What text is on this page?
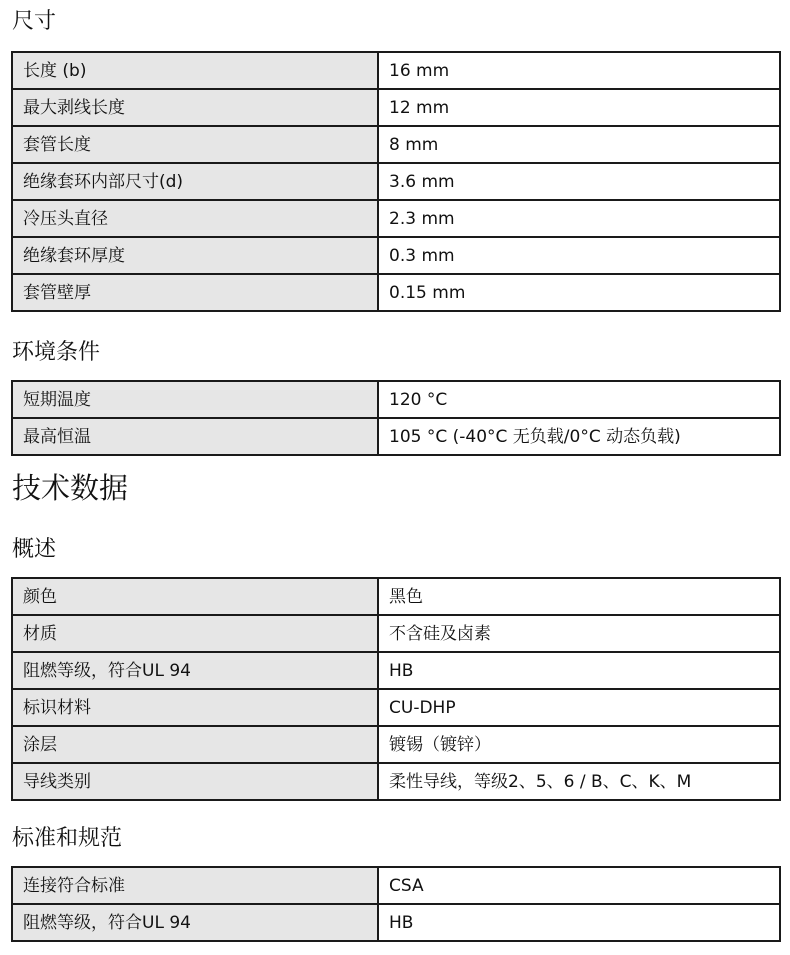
尺寸
长度 (b)	16 mm
最大剥线长度	12 mm
套管长度	8 mm
绝缘套环内部尺寸(d)	3.6 mm
冷压头直径	2.3 mm
绝缘套环厚度	0.3 mm
套管壁厚	0.15 mm
环境条件
短期温度	120 °C
最高恒温	105 °C (-40°C 无负载/0°C 动态负载)
技术数据
概述
颜色	黑色
材质	不含硅及卤素
阻燃等级，符合UL 94	HB
标识材料	CU-DHP
涂层	镀锡（镀锌）
导线类别	柔性导线，等级2、5、6 / B、C、K、M
标准和规范
连接符合标准	CSA
阻燃等级，符合UL 94	HB
